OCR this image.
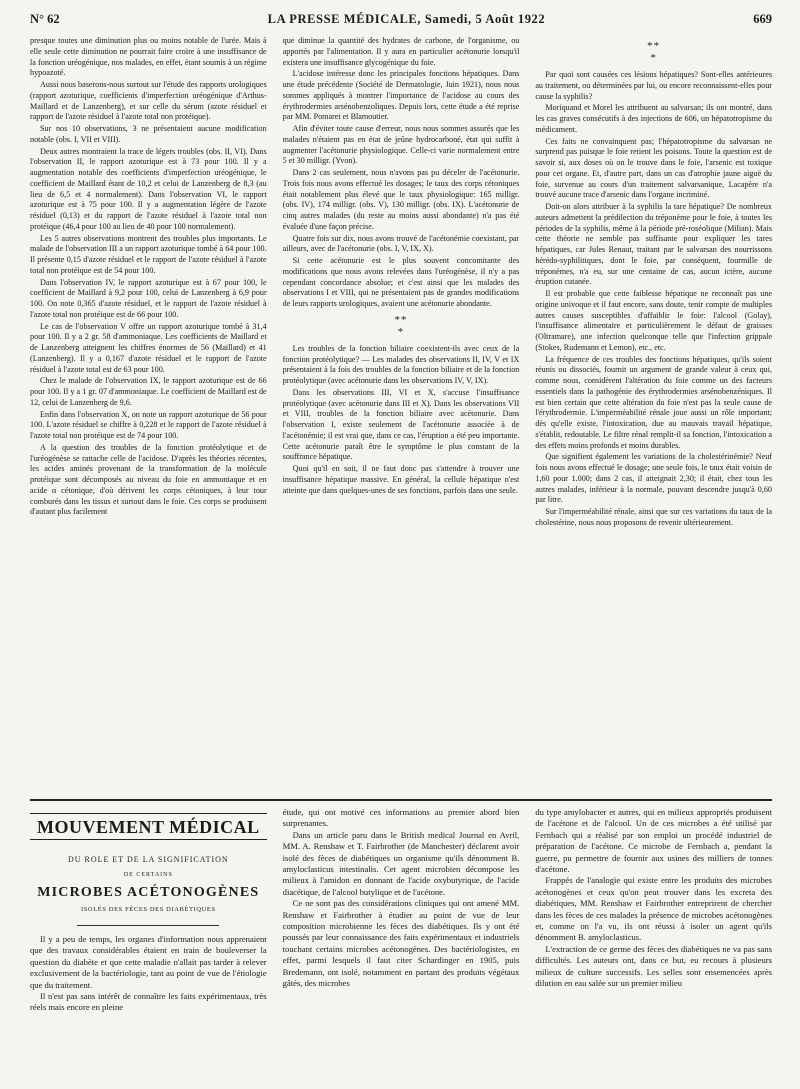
N° 62	LA PRESSE MÉDICALE, Samedi, 5 Août 1922	669

presque toutes une diminution plus ou moins notable de l'urée. Mais à elle seule cette diminution ne pourrait faire croire à une insuffisance de la fonction uréogénique, nos malades, en effet, étant soumis à un régime hypoazoté.

Aussi nous baserons-nous surtout sur l'étude des rapports urologiques (rapport azoturique, coefficients d'imperfection uréogénique d'Arthus-Maillard et de Lanzenberg), et sur celle du sérum (azote résiduel et rapport de l'azote résiduel à l'azote total non protéique).

Sur nos 10 observations, 3 ne présentaient aucune modification notable (obs. I, VII et VIII).

Deux autres montraient la trace de légers troubles (obs. II, VI). Dans l'observation II, le rapport azoturique est à 73 pour 100. Il y a augmentation notable des coefficients d'imperfection uréogénique, le coefficient de Maillard étant de 10,2 et celui de Lanzenberg de 8,3 (au lieu de 6,5 et 4 normalement). Dans l'observation VI, le rapport azoturique est à 75 pour 100. Il y a augmentation légère de l'azote résiduel (0,13) et du rapport de l'azote résiduel à l'azote total non protéique (46,4 pour 100 au lieu de 40 pour 100 normalement).

Les 5 autres observations montrent des troubles plus importants. Le malade de l'observation III a un rapport azoturique tombé à 64 pour 100. Il présente 0,15 d'azote résiduel et le rapport de l'azote résiduel à l'azote total non protéique est de 54 pour 100.

Dans l'observation IV, le rapport azoturique est à 67 pour 100, le coefficient de Maillard à 9,2 pour 100, celui de Lanzenberg à 6,9 pour 100. On note 0,365 d'azote résiduel, et le rapport de l'azote résiduel à l'azote total non protéique est de 66 pour 100.

Le cas de l'observation V offre un rapport azoturique tombé à 31,4 pour 100. Il y a 2 gr. 58 d'ammoniaque. Les coefficients de Maillard et de Lanzenberg atteignent les chiffres énormes de 56 (Maillard) et 41 (Lanzenberg). Il y a 0,167 d'azote résiduel et le rapport de l'azote résiduel à l'azote total est de 63 pour 100.

Chez le malade de l'observation IX, le rapport azoturique est de 66 pour 100. Il y a 1 gr. 07 d'ammoniaque. Le coefficient de Maillard est de 12, celui de Lanzenberg de 9,6.

Enfin dans l'observation X, on note un rapport azoturique de 56 pour 100. L'azote résiduel se chiffre à 0,228 et le rapport de l'azote résiduel à l'azote total non protéique est de 74 pour 100.

A la question des troubles de la fonction protéolytique et de l'uréogénèse se rattache celle de l'acidose. D'après les théories récentes, les acides aminés provenant de la transformation de la molécule protéique sont décomposés au niveau du foie en ammoniaque et en acide α cétonique, d'où dérivent les corps cétoniques, à leur tour comburés dans les tissus et surtout dans le foie. Ces corps se produisent d'autant plus facilement

que diminue la quantité des hydrates de carbone, de l'organisme, ou apportés par l'alimentation. Il y aura en particulier acétonurie lorsqu'il existera une insuffisance glycogénique du foie.

L'acidose intéresse donc les principales fonctions hépatiques. Dans une étude précédente (Société de Dermatologie, Juin 1921), nous nous sommes appliqués à montrer l'importance de l'acidose au cours des érythrodermies arsénobenzoliques. Depuis lors, cette étude a été reprise par MM. Pomaret et Blamoutier.

Afin d'éviter toute cause d'erreur, nous nous sommes assurés que les malades n'étaient pas en état de jeûne hydrocarboné, état qui suffit à augmenter l'acétonurie physiologique. Celle-ci varie normalement entre 5 et 30 milligr. (Yvon).

Dans 2 cas seulement, nous n'avons pas pu déceler de l'acétonurie. Trois fois nous avons effectué les dosages; le taux des corps cétoniques était notablement plus élevé que le taux physiologique: 165 milligr. (obs. IV), 174 milligr. (obs. V), 130 milligr. (obs. IX). L'acétonurie de cinq autres malades (du reste au moins aussi abondante) n'a pas été évaluée d'une façon précise.

Quatre fois sur dix, nous avons trouvé de l'acétonémie coexistant, par ailleurs, avec de l'acétonurie (obs. I, V, IX, X).

Si cette acétonurie est le plus souvent concomitante des modifications que nous avons relevées dans l'uréogénèse, il n'y a pas cependant concordance absolue; et c'est ainsi que les malades des observations I et VIII, qui ne présentaient pas de grandes modifications de leurs rapports urologiques, avaient une acétonurie abondante.

**
*

Les troubles de la fonction biliaire coexistent-ils avec ceux de la fonction protéolytique? — Les malades des observations II, IV, V et IX présentaient à la fois des troubles de la fonction biliaire et de la fonction protéolytique (avec acétonurie dans les observations IV, V, IX).

Dans les observations III, VI et X, s'accuse l'insuffisance protéolytique (avec acétonurie dans III et X). Dans les observations VII et VIII, troubles de la fonction biliaire avec acétonurie. Dans l'observation I, existe seulement de l'acétonurie associée à de l'acétonémie; il est vrai que, dans ce cas, l'éruption a été peu importante. Cette acétonurie paraît être le symptôme le plus constant de la souffrance hépatique.

Quoi qu'il en soit, il ne faut donc pas s'attendre à trouver une insuffisance hépatique massive. En général, la cellule hépatique n'est atteinte que dans quelques-unes de ses fonctions, parfois dans une seule.

**
*

Par quoi sont causées ces lésions hépatiques? Sont-elles antérieures au traitement, ou déterminées par lui, ou encore reconnaissent-elles pour cause la syphilis?

Moriquand et Morel les attribuent au salvarsan; ils ont montré, dans les cas graves consécutifs à des injections de 606, un hépatotropisme du médicament.

Ces faits ne convainquent pas; l'hépatotropisme du salvarsan ne surprend pas puisque le foie retient les poisons. Toute la question est de savoir si, aux doses où on le trouve dans le foie, l'arsenic est toxique pour cet organe. Et, d'autre part, dans un cas d'atrophie jaune aiguë du foie, survenue au cours d'un traitement salvarsanique, Lacapère n'a trouvé aucune trace d'arsenic dans l'organe incriminé.

Doit-on alors attribuer à la syphilis la tare hépatique? De nombreux auteurs admettent la prédilection du tréponème pour le foie, à toutes les périodes de la syphilis, même à la période pré-roséolique (Milian). Mais cette théorie ne semble pas suffisante pour expliquer les tares hépatiques, car Jules Renaut, traitant par le salvarsan des nourrissons hérédo-syphilitiques, dont le foie, par conséquent, fourmille de tréponèmes, n'a eu, sur une centaine de cas, aucun ictère, aucune éruption cutanée.

Il est probable que cette faiblesse hépatique ne reconnaît pas une origine univoque et il faut encore, sans doute, tenir compte de multiples autres causes susceptibles d'affaiblir le foie: l'alcool (Golay), l'insuffisance alimentaire et particulièrement le défaut de graisses (Oltramare), une infection quelconque telle que l'infection grippale (Stokes, Rudemann et Lemon), etc., etc.

La fréquence de ces troubles des fonctions hépatiques, qu'ils soient réunis ou dissociés, fournit un argument de grande valeur à ceux qui, comme nous, considèrent l'altération du foie comme un des facteurs essentiels dans la pathogénie des érythrodermies arsénobenzéniques. Il est bien certain que cette altération du foie n'est pas la seule cause de l'érythrodermie. L'imperméabilité rénale joue aussi un rôle important; dès qu'elle existe, l'intoxication, due au mauvais travail hépatique, s'établit, redoutable. Le filtre rénal remplit-il sa fonction, l'intoxication a des effets moins profonds et moins durables.

Que signifient également les variations de la cholestérinémie? Neuf fois nous avons effectué le dosage; une seule fois, le taux était voisin de 1,60 pour 1.000; dans 2 cas, il atteignait 2,30; il était, chez tous les autres malades, inférieur à la normale, pouvant descendre jusqu'à 0,60 par litre.

Sur l'imperméabilité rénale, ainsi que sur ces variations du taux de la cholestérine, nous nous proposons de revenir ultérieurement.

MOUVEMENT MÉDICAL
DU ROLE ET DE LA SIGNIFICATION
DE CERTAINS
MICROBES ACÉTONOGÈNES
ISOLÉS DES FÈCES DES DIABÉTIQUES

Il y a peu de temps, les organes d'information nous apprenaient que des travaux considérables étaient en train de bouleverser la question du diabète et que cette maladie n'allait pas tarder à relever exclusivement de la bactériologie, tant au point de vue de l'étiologie que du traitement.

Il n'est pas sans intérêt de connaître les faits expérimentaux, très réels mais encore en pleine

étude, qui ont motivé ces informations au premier abord bien surprenantes.

Dans un article paru dans le British medical Journal en Avril, MM. A. Renshaw et T. Fairbrother (de Manchester) déclarent avoir isolé des fèces de diabétiques un organisme qu'ils dénomment B. amyloclasticus intestinalis. Cet agent microbien décompose les milieux à l'amidon en donnant de l'acide oxybutyrique, de l'acide diacétique, de l'alcool butylique et de l'acétone.

Ce ne sont pas des considérations cliniques qui ont amené MM. Renshaw et Fairbrother à étudier au point de vue de leur composition microbienne les fèces des diabétiques. Ils y ont été poussés par leur connaissance des faits expérimentaux et industriels touchant certains microbes acétonogènes. Des bactériologistes, en effet, parmi lesquels il faut citer Schardinger en 1905, puis Bredemann, ont isolé, notamment en partant des produits végétaux gâtés, des microbes

du type amylobacter et autres, qui en milieux appropriés produisent de l'acétone et de l'alcool. Un de ces microbes a été utilisé par Fernbach qui a réalisé par son emploi un procédé industriel de préparation de l'acétone. Ce microbe de Fernbach a, pendant la guerre, pu permettre de fournir aux usines des milliers de tonnes d'acétone.

Frappés de l'analogie qui existe entre les produits des microbes acétonogènes et ceux qu'on peut trouver dans les excreta des diabétiques, MM. Renshaw et Fairbrother entreprirent de chercher dans les fèces de ces malades la présence de microbes acétonogènes et, comme on l'a vu, ils ont réussi à isoler un agent qu'ils dénomment B. amyloclasticus.

L'extraction de ce germe des fèces des diabétiques ne va pas sans difficultés. Les auteurs ont, dans ce but, eu recours à plusieurs milieux de culture successifs. Les selles sont ensemencées après dilution en eau salée sur un premier milieu
